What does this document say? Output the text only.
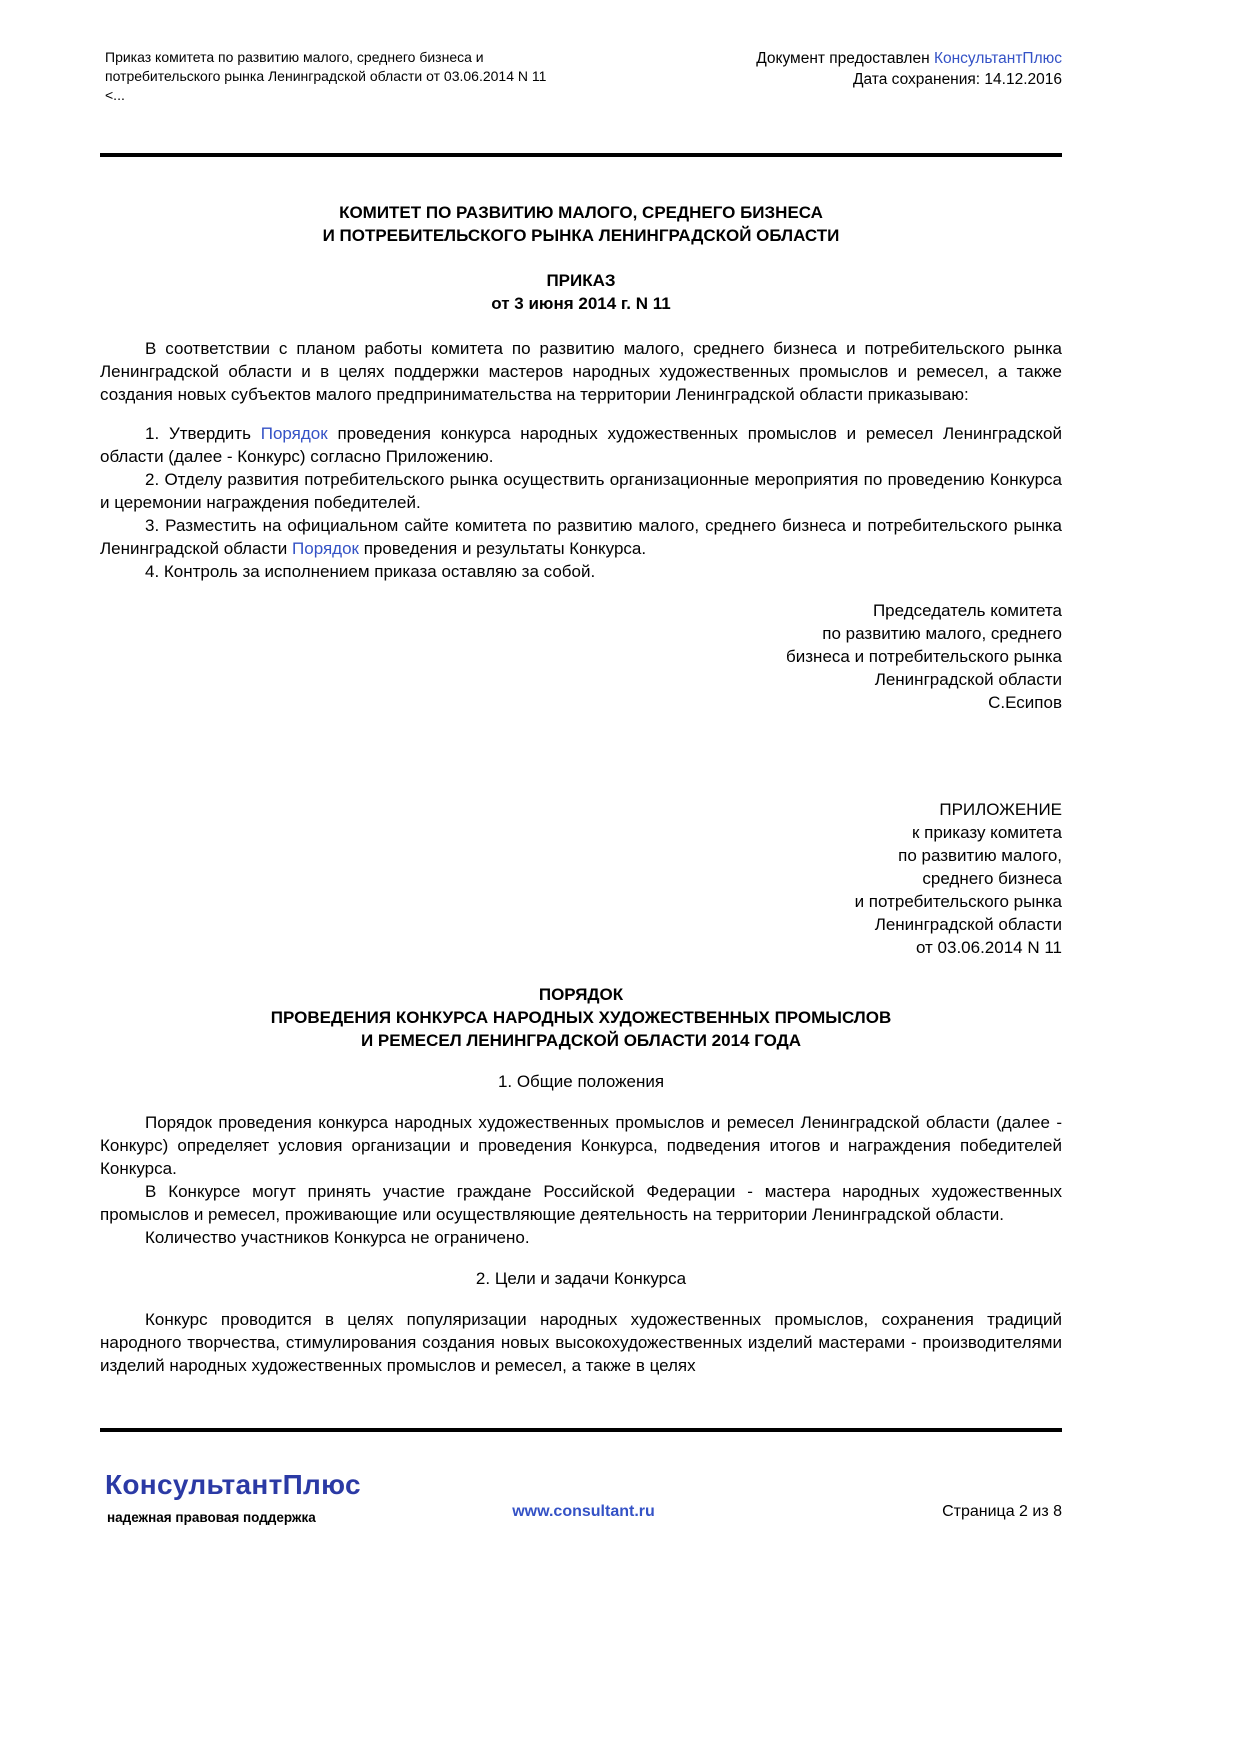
Приказ комитета по развитию малого, среднего бизнеса и потребительского рынка Ленинградской области от 03.06.2014 N 11
<...
Документ предоставлен КонсультантПлюс
Дата сохранения: 14.12.2016
КОМИТЕТ ПО РАЗВИТИЮ МАЛОГО, СРЕДНЕГО БИЗНЕСА
И ПОТРЕБИТЕЛЬСКОГО РЫНКА ЛЕНИНГРАДСКОЙ ОБЛАСТИ
ПРИКАЗ
от 3 июня 2014 г. N 11
В соответствии с планом работы комитета по развитию малого, среднего бизнеса и потребительского рынка Ленинградской области и в целях поддержки мастеров народных художественных промыслов и ремесел, а также создания новых субъектов малого предпринимательства на территории Ленинградской области приказываю:
1. Утвердить Порядок проведения конкурса народных художественных промыслов и ремесел Ленинградской области (далее - Конкурс) согласно Приложению.
2. Отделу развития потребительского рынка осуществить организационные мероприятия по проведению Конкурса и церемонии награждения победителей.
3. Разместить на официальном сайте комитета по развитию малого, среднего бизнеса и потребительского рынка Ленинградской области Порядок проведения и результаты Конкурса.
4. Контроль за исполнением приказа оставляю за собой.
Председатель комитета
по развитию малого, среднего
бизнеса и потребительского рынка
Ленинградской области
С.Есипов
ПРИЛОЖЕНИЕ
к приказу комитета
по развитию малого,
среднего бизнеса
и потребительского рынка
Ленинградской области
от 03.06.2014 N 11
ПОРЯДОК
ПРОВЕДЕНИЯ КОНКУРСА НАРОДНЫХ ХУДОЖЕСТВЕННЫХ ПРОМЫСЛОВ
И РЕМЕСЕЛ ЛЕНИНГРАДСКОЙ ОБЛАСТИ 2014 ГОДА
1. Общие положения
Порядок проведения конкурса народных художественных промыслов и ремесел Ленинградской области (далее - Конкурс) определяет условия организации и проведения Конкурса, подведения итогов и награждения победителей Конкурса.
В Конкурсе могут принять участие граждане Российской Федерации - мастера народных художественных промыслов и ремесел, проживающие или осуществляющие деятельность на территории Ленинградской области.
Количество участников Конкурса не ограничено.
2. Цели и задачи Конкурса
Конкурс проводится в целях популяризации народных художественных промыслов, сохранения традиций народного творчества, стимулирования создания новых высокохудожественных изделий мастерами - производителями изделий народных художественных промыслов и ремесел, а также в целях
КонсультантПлюс
надежная правовая поддержка	www.consultant.ru	Страница 2 из 8
